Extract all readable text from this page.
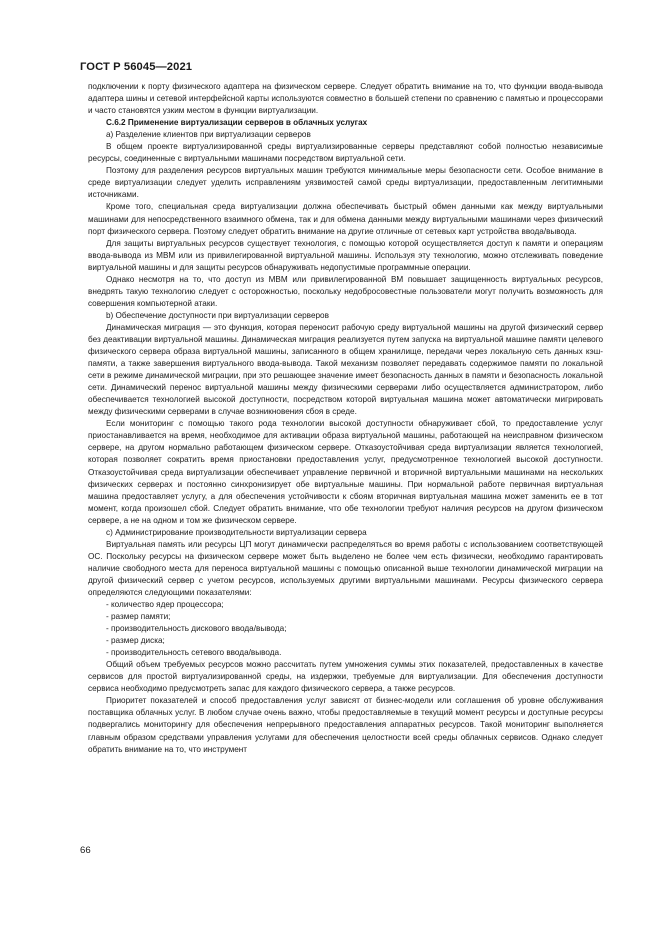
ГОСТ Р 56045—2021

подключении к порту физического адаптера на физическом сервере. Следует обратить внимание на то, что функции ввода-вывода адаптера шины и сетевой интерфейсной карты используются совместно в большей степени по сравнению с памятью и процессорами и часто становятся узким местом в функции виртуализации.

С.6.2 Применение виртуализации серверов в облачных услугах

а) Разделение клиентов при виртуализации серверов

В общем проекте виртуализированной среды виртуализированные серверы представляют собой полностью независимые ресурсы, соединенные с виртуальными машинами посредством виртуальной сети.

Поэтому для разделения ресурсов виртуальных машин требуются минимальные меры безопасности сети. Особое внимание в среде виртуализации следует уделить исправлениям уязвимостей самой среды виртуализации, предоставленным легитимными источниками.

Кроме того, специальная среда виртуализации должна обеспечивать быстрый обмен данными как между виртуальными машинами для непосредственного взаимного обмена, так и для обмена данными между виртуальными машинами через физический порт физического сервера. Поэтому следует обратить внимание на другие отличные от сетевых карт устройства ввода/вывода.

Для защиты виртуальных ресурсов существует технология, с помощью которой осуществляется доступ к памяти и операциям ввода-вывода из МВМ или из привилегированной виртуальной машины. Используя эту технологию, можно отслеживать поведение виртуальной машины и для защиты ресурсов обнаруживать недопустимые программные операции.

Однако несмотря на то, что доступ из МВМ или привилегированной ВМ повышает защищенность виртуальных ресурсов, внедрять такую технологию следует с осторожностью, поскольку недобросовестные пользователи могут получить возможность для совершения компьютерной атаки.

b) Обеспечение доступности при виртуализации серверов

Динамическая миграция — это функция, которая переносит рабочую среду виртуальной машины на другой физический сервер без деактивации виртуальной машины. Динамическая миграция реализуется путем запуска на виртуальной машине памяти целевого физического сервера образа виртуальной машины, записанного в общем хранилище, передачи через локальную сеть данных кэш-памяти, а также завершения виртуального ввода-вывода. Такой механизм позволяет передавать содержимое памяти по локальной сети в режиме динамической миграции, при это решающее значение имеет безопасность данных в памяти и безопасность локальной сети. Динамический перенос виртуальной машины между физическими серверами либо осуществляется администратором, либо обеспечивается технологией высокой доступности, посредством которой виртуальная машина может автоматически мигрировать между физическими серверами в случае возникновения сбоя в среде.

Если мониторинг с помощью такого рода технологии высокой доступности обнаруживает сбой, то предоставление услуг приостанавливается на время, необходимое для активации образа виртуальной машины, работающей на неисправном физическом сервере, на другом нормально работающем физическом сервере. Отказоустойчивая среда виртуализации является технологией, которая позволяет сократить время приостановки предоставления услуг, предусмотренное технологией высокой доступности. Отказоустойчивая среда виртуализации обеспечивает управление первичной и вторичной виртуальными машинами на нескольких физических серверах и постоянно синхронизирует обе виртуальные машины. При нормальной работе первичная виртуальная машина предоставляет услугу, а для обеспечения устойчивости к сбоям вторичная виртуальная машина может заменить ее в тот момент, когда произошел сбой. Следует обратить внимание, что обе технологии требуют наличия ресурсов на другом физическом сервере, а не на одном и том же физическом сервере.

с) Администрирование производительности виртуализации сервера

Виртуальная память или ресурсы ЦП могут динамически распределяться во время работы с использованием соответствующей ОС. Поскольку ресурсы на физическом сервере может быть выделено не более чем есть физически, необходимо гарантировать наличие свободного места для переноса виртуальной машины с помощью описанной выше технологии динамической миграции на другой физический сервер с учетом ресурсов, используемых другими виртуальными машинами. Ресурсы физического сервера определяются следующими показателями:

- количество ядер процессора;

- размер памяти;

- производительность дискового ввода/вывода;

- размер диска;

- производительность сетевого ввода/вывода.

Общий объем требуемых ресурсов можно рассчитать путем умножения суммы этих показателей, предоставленных в качестве сервисов для простой виртуализированной среды, на издержки, требуемые для виртуализации. Для обеспечения доступности сервиса необходимо предусмотреть запас для каждого физического сервера, а также ресурсов.

Приоритет показателей и способ предоставления услуг зависят от бизнес-модели или соглашения об уровне обслуживания поставщика облачных услуг. В любом случае очень важно, чтобы предоставляемые в текущий момент ресурсы и доступные ресурсы подвергались мониторингу для обеспечения непрерывного предоставления аппаратных ресурсов. Такой мониторинг выполняется главным образом средствами управления услугами для обеспечения целостности всей среды облачных сервисов. Однако следует обратить внимание на то, что инструмент

66
